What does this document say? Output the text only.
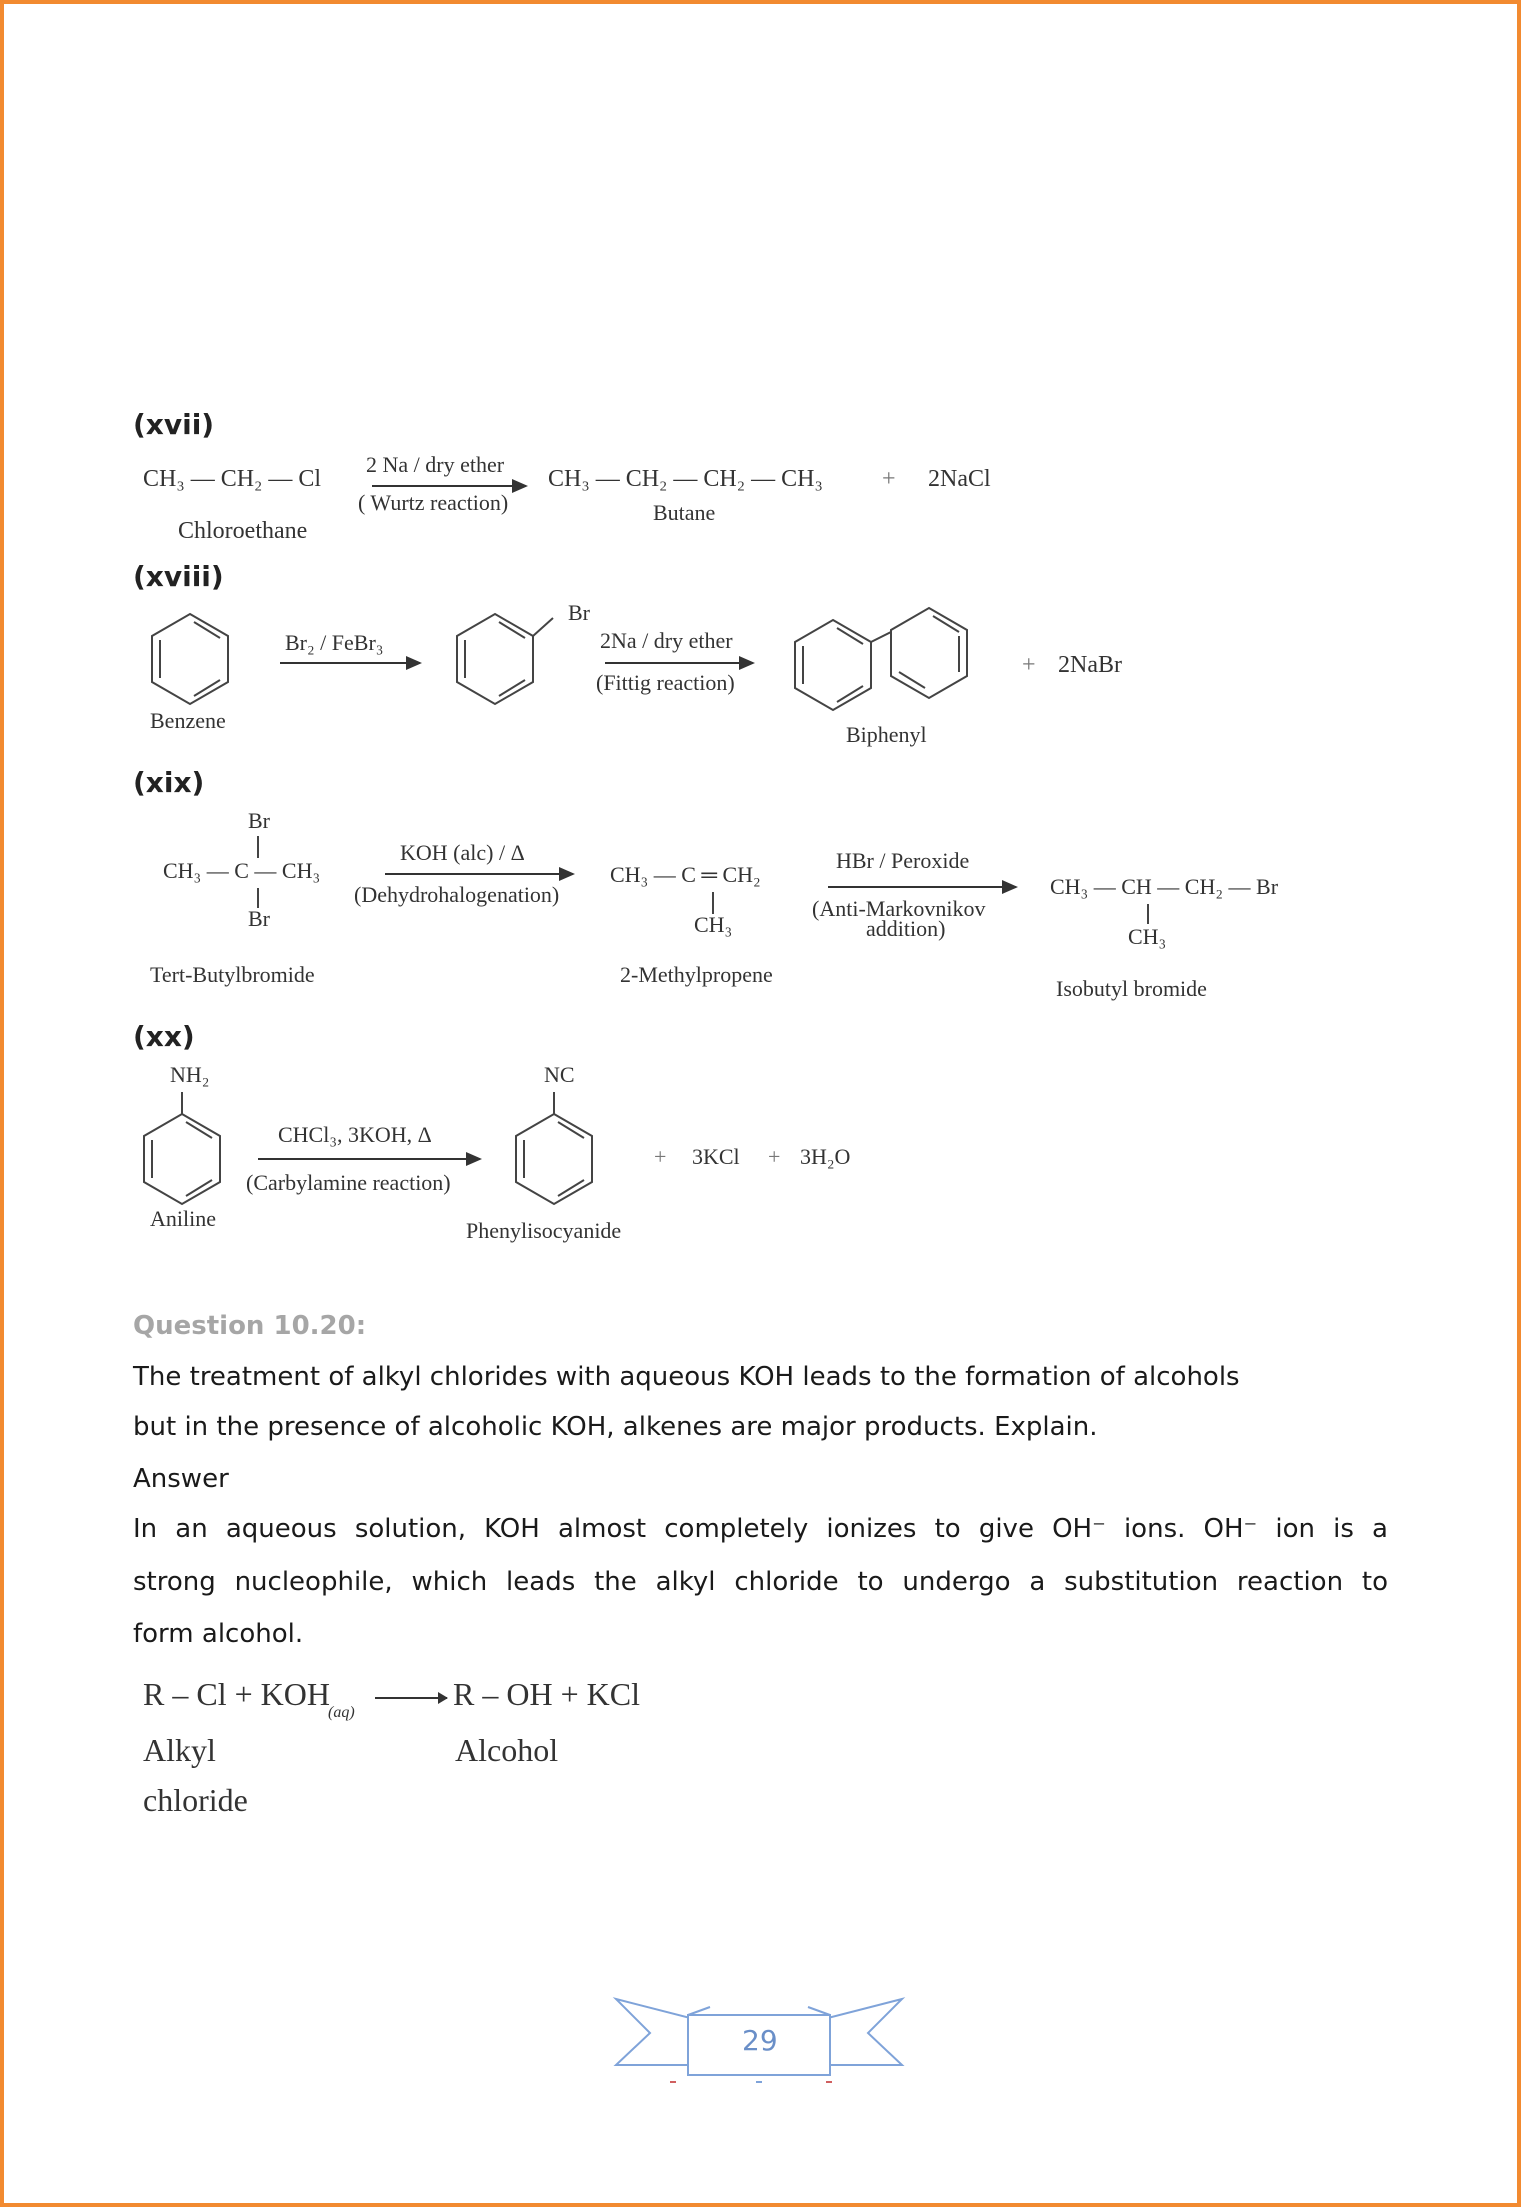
(xvii)
CH₃ — CH₂ — Cl
Chloroethane
2 Na / dry ether
( Wurtz reaction)
CH₃ — CH₂ — CH₂ — CH₃
Butane
+ 2NaCl
(xviii)
Benzene
Br₂ / FeBr₃
Br
2Na / dry ether
(Fittig reaction)
Biphenyl
+ 2NaBr
(xix)
Br
CH₃ — C — CH₃
Br
Tert-Butylbromide
KOH (alc) / Δ
(Dehydrohalogenation)
CH₃ — C ═ CH₂
CH₃
2-Methylpropene
HBr / Peroxide
(Anti-Markovnikov
addition)
CH₃ — CH — CH₂ — Br
CH₃
Isobutyl bromide
(xx)
NH₂
Aniline
CHCl₃, 3KOH, Δ
(Carbylamine reaction)
NC
Phenylisocyanide
+ 3KCl + 3H₂O
Question 10.20:
The treatment of alkyl chlorides with aqueous KOH leads to the formation of alcohols
but in the presence of alcoholic KOH, alkenes are major products. Explain.
Answer
In an aqueous solution, KOH almost completely ionizes to give OH⁻ ions. OH⁻ ion is a
strong nucleophile, which leads the alkyl chloride to undergo a substitution reaction to
form alcohol.
R – Cl + KOH
(aq)
R – OH + KCl
Alkyl
chloride
Alcohol
29
